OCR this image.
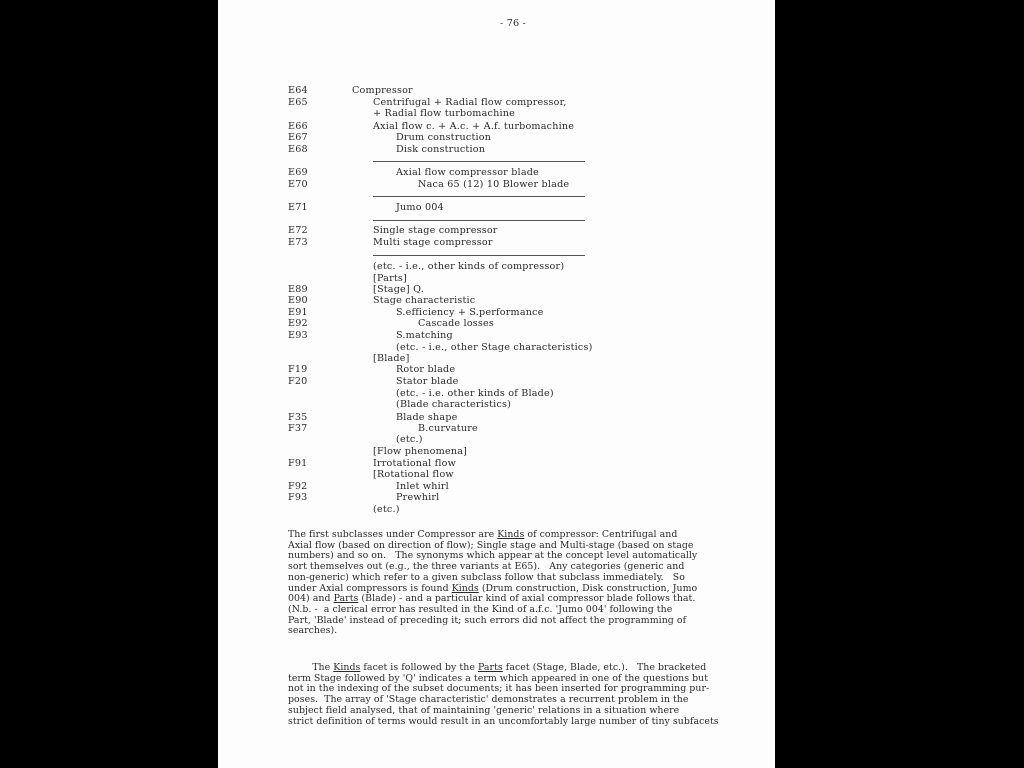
- 76 -
E64	Compressor
E65	Centrifugal + Radial flow compressor,
+ Radial flow turbomachine
E66	Axial flow c. + A.c. + A.f. turbomachine
E67	Drum construction
E68	Disk construction
E69	Axial flow compressor blade
E70	Naca 65 (12) 10 Blower blade
E71	Jumo 004
E72	Single stage compressor
E73	Multi stage compressor
(etc. - i.e., other kinds of compressor)
[Parts]
E89	[Stage] Q.
E90	Stage characteristic
E91	S.efficiency + S.performance
E92	Cascade losses
E93	S.matching
(etc. - i.e., other Stage characteristics)
[Blade]
F19	Rotor blade
F20	Stator blade
(etc. - i.e. other kinds of Blade)
(Blade characteristics)
F35	Blade shape
F37	B.curvature
(etc.)
[Flow phenomena]
F91	Irrotational flow
[Rotational flow
F92	Inlet whirl
F93	Prewhirl
(etc.)
The first subclasses under Compressor are Kinds of compressor: Centrifugal and
Axial flow (based on direction of flow); Single stage and Multi-stage (based on stage
numbers) and so on.   The synonyms which appear at the concept level automatically
sort themselves out (e.g., the three variants at E65).   Any categories (generic and
non-generic) which refer to a given subclass follow that subclass immediately.   So
under Axial compressors is found Kinds (Drum construction, Disk construction, Jumo
004) and Parts (Blade) - and a particular kind of axial compressor blade follows that.
(N.b. -  a clerical error has resulted in the Kind of a.f.c. 'Jumo 004' following the
Part, 'Blade' instead of preceding it; such errors did not affect the programming of
searches).
The Kinds facet is followed by the Parts facet (Stage, Blade, etc.).   The bracketed
term Stage followed by 'Q' indicates a term which appeared in one of the questions but
not in the indexing of the subset documents; it has been inserted for programming pur-
poses.  The array of 'Stage characteristic' demonstrates a recurrent problem in the
subject field analysed, that of maintaining 'generic' relations in a situation where
strict definition of terms would result in an uncomfortably large number of tiny subfacets
